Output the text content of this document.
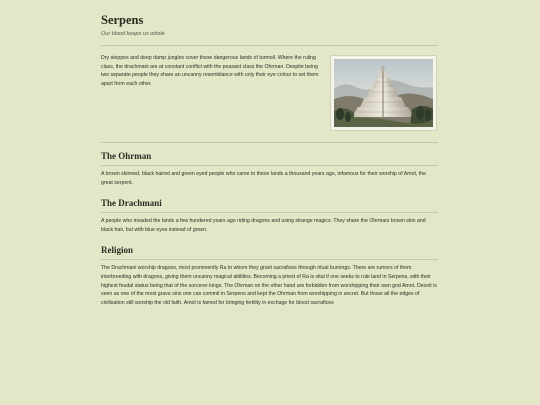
Serpens

Our blood keeps us whole

Dry steppes and deep damp jungles cover these dangerous lands of turmoil. Where the ruling class, the drachmani are at constant conflict with the peasant class the Ohrman. Despite being two separate people they share an uncanny resemblance with only their eye colour to set them apart from each other.

The Ohrman

A brown skinned, black haired and green eyed people who came to these lands a thousand years ago, infamous for their worship of Amot, the great serpent.

The Drachmani

A people who invaded the lands a few hundered years ago riding dragons and using strange magics. They share the Ohrmani brown skin and black hair, but with blue eyes instead of green.

Religion

The Drachmani worship dragons, most prominently Ra to whom they grant sacrafices through ritual burnings. There are rumors of them interbreeding with dragons, giving them uncanny magical abilities. Becoming a priest of Ra is vital if one seeks to rule land in Serpens, with their highest feudal status being that of the sorcerer kings. The Ohrman on the other hand are forbidden from worshipping their own god Amot. Deceit is seen as one of the most grave sins one can commit in Serpens and kept the Ohrman from worshipping in secret. But those all the edges of civilisation still worship the old faith. Amot is famed for bringing fertility in exchage for blood sacrafices
